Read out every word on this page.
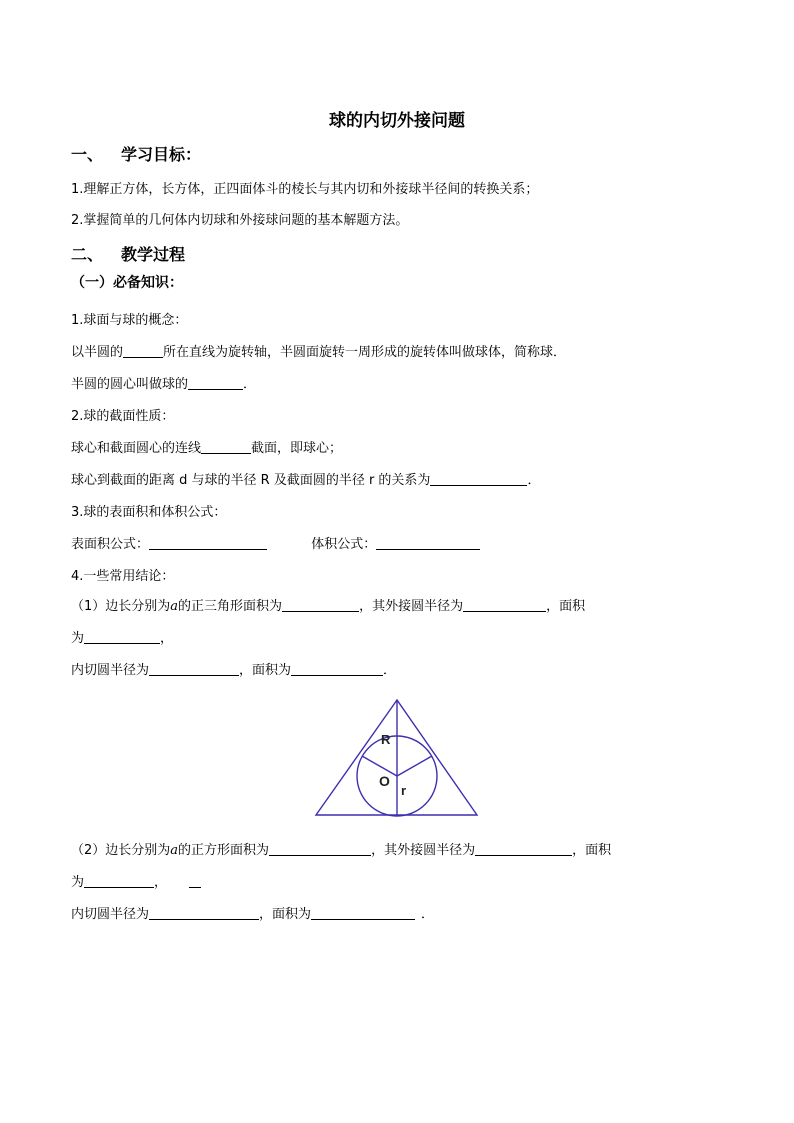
球的内切外接问题
一、 学习目标：
1.理解正方体，长方体，正四面体斗的棱长与其内切和外接球半径间的转换关系；
2.掌握简单的几何体内切球和外接球问题的基本解题方法。
二、 教学过程
（一）必备知识：
1.球面与球的概念：
以半圆的	所在直线为旋转轴，半圆面旋转一周形成的旋转体叫做球体，简称球．
半圆的圆心叫做球的	．
2.球的截面性质：
球心和截面圆心的连线	截面，即球心；
球心到截面的距离 d 与球的半径 R 及截面圆的半径 r 的关系为	．
3.球的表面积和体积公式：
表面积公式：	体积公式：
4.一些常用结论：
（1）边长分别为a的正三角形面积为	，其外接圆半径为	，面积
为	，
内切圆半径为	，面积为	．
R
O
r
（2）边长分别为a的正方形面积为	，其外接圆半径为	，面积
为	，
内切圆半径为	，面积为	．
